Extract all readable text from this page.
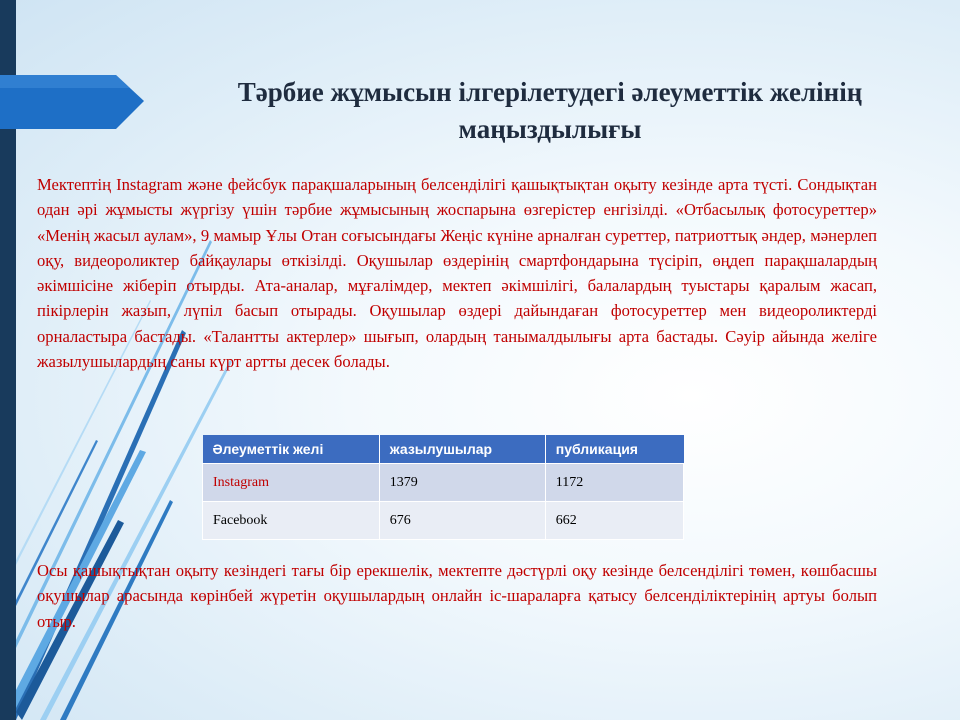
Тәрбие жұмысын ілгерілетудегі әлеуметтік желінің маңыздылығы

Мектептің Instagram және фейсбук парақшаларының белсенділігі қашықтықтан оқыту кезінде арта түсті. Сондықтан одан әрі жұмысты жүргізу үшін тәрбие жұмысының жоспарына өзгерістер енгізілді. «Отбасылық фотосуреттер» «Менің жасыл аулам», 9 мамыр Ұлы Отан соғысындағы Жеңіс күніне арналған суреттер, патриоттық әндер, мәнерлеп оқу, видеороликтер байқаулары өткізілді. Оқушылар өздерінің смартфондарына түсіріп, өңдеп парақшалардың әкімшісіне жіберіп отырды. Ата-аналар, мұғалімдер, мектеп әкімшілігі, балалардың туыстары қаралым жасап, пікірлерін жазып, лүпіл басып отырады. Оқушылар өздері дайындаған фотосуреттер мен видеороликтерді орналастыра бастады. «Талантты актерлер» шығып, олардың танымалдылығы арта бастады. Сәуір айында желіге жазылушылардың саны күрт артты десек болады.

Әлеуметтік желі	жазылушылар	публикация
Instagram	1379	1172
Facebook	676	662

Осы қашықтықтан оқыту кезіндегі тағы бір ерекшелік, мектепте дәстүрлі оқу кезінде белсенділігі төмен, көшбасшы оқушылар арасында көрінбей жүретін оқушылардың онлайн іс-шараларға қатысу белсенділіктерінің артуы болып отыр.
